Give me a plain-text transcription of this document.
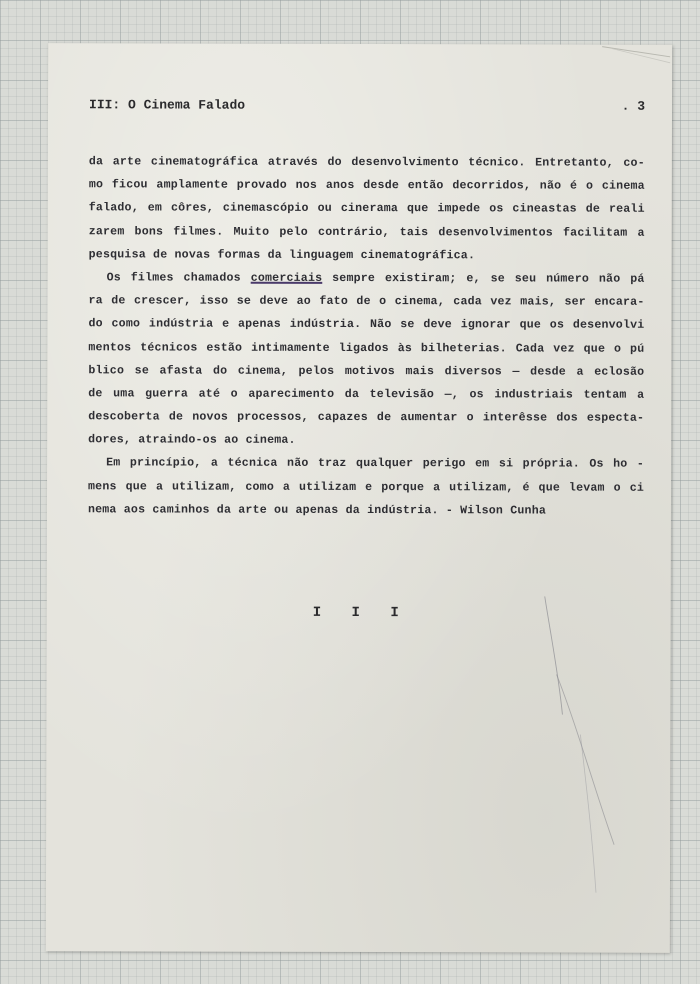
III: O Cinema Falado	. 3
da arte cinematográfica através do desenvolvimento técnico. Entretanto, co-
mo ficou amplamente provado nos anos desde então decorridos, não é o cinema
falado, em côres, cinemascópio ou cinerama que impede os cineastas de reali
zarem bons filmes. Muito pelo contrário, tais desenvolvimentos facilitam a
pesquisa de novas formas da linguagem cinematográfica.
Os filmes chamados comerciais sempre existiram; e, se seu número não pá
ra de crescer, isso se deve ao fato de o cinema, cada vez mais, ser encara-
do como indústria e apenas indústria. Não se deve ignorar que os desenvolvi
mentos técnicos estão intimamente ligados às bilheterias. Cada vez que o pú
blico se afasta do cinema, pelos motivos mais diversos — desde a eclosão
de uma guerra até o aparecimento da televisão —, os industriais tentam a
descoberta de novos processos, capazes de aumentar o interêsse dos espectа-
dores, atraindo-os ao cinema.
Em princípio, a técnica não traz qualquer perigo em si própria. Os ho -
mens que a utilizam, como a utilizam e porque a utilizam, é que levam o ci
nema aos caminhos da arte ou apenas da indústria. - Wilson Cunha
I I I
